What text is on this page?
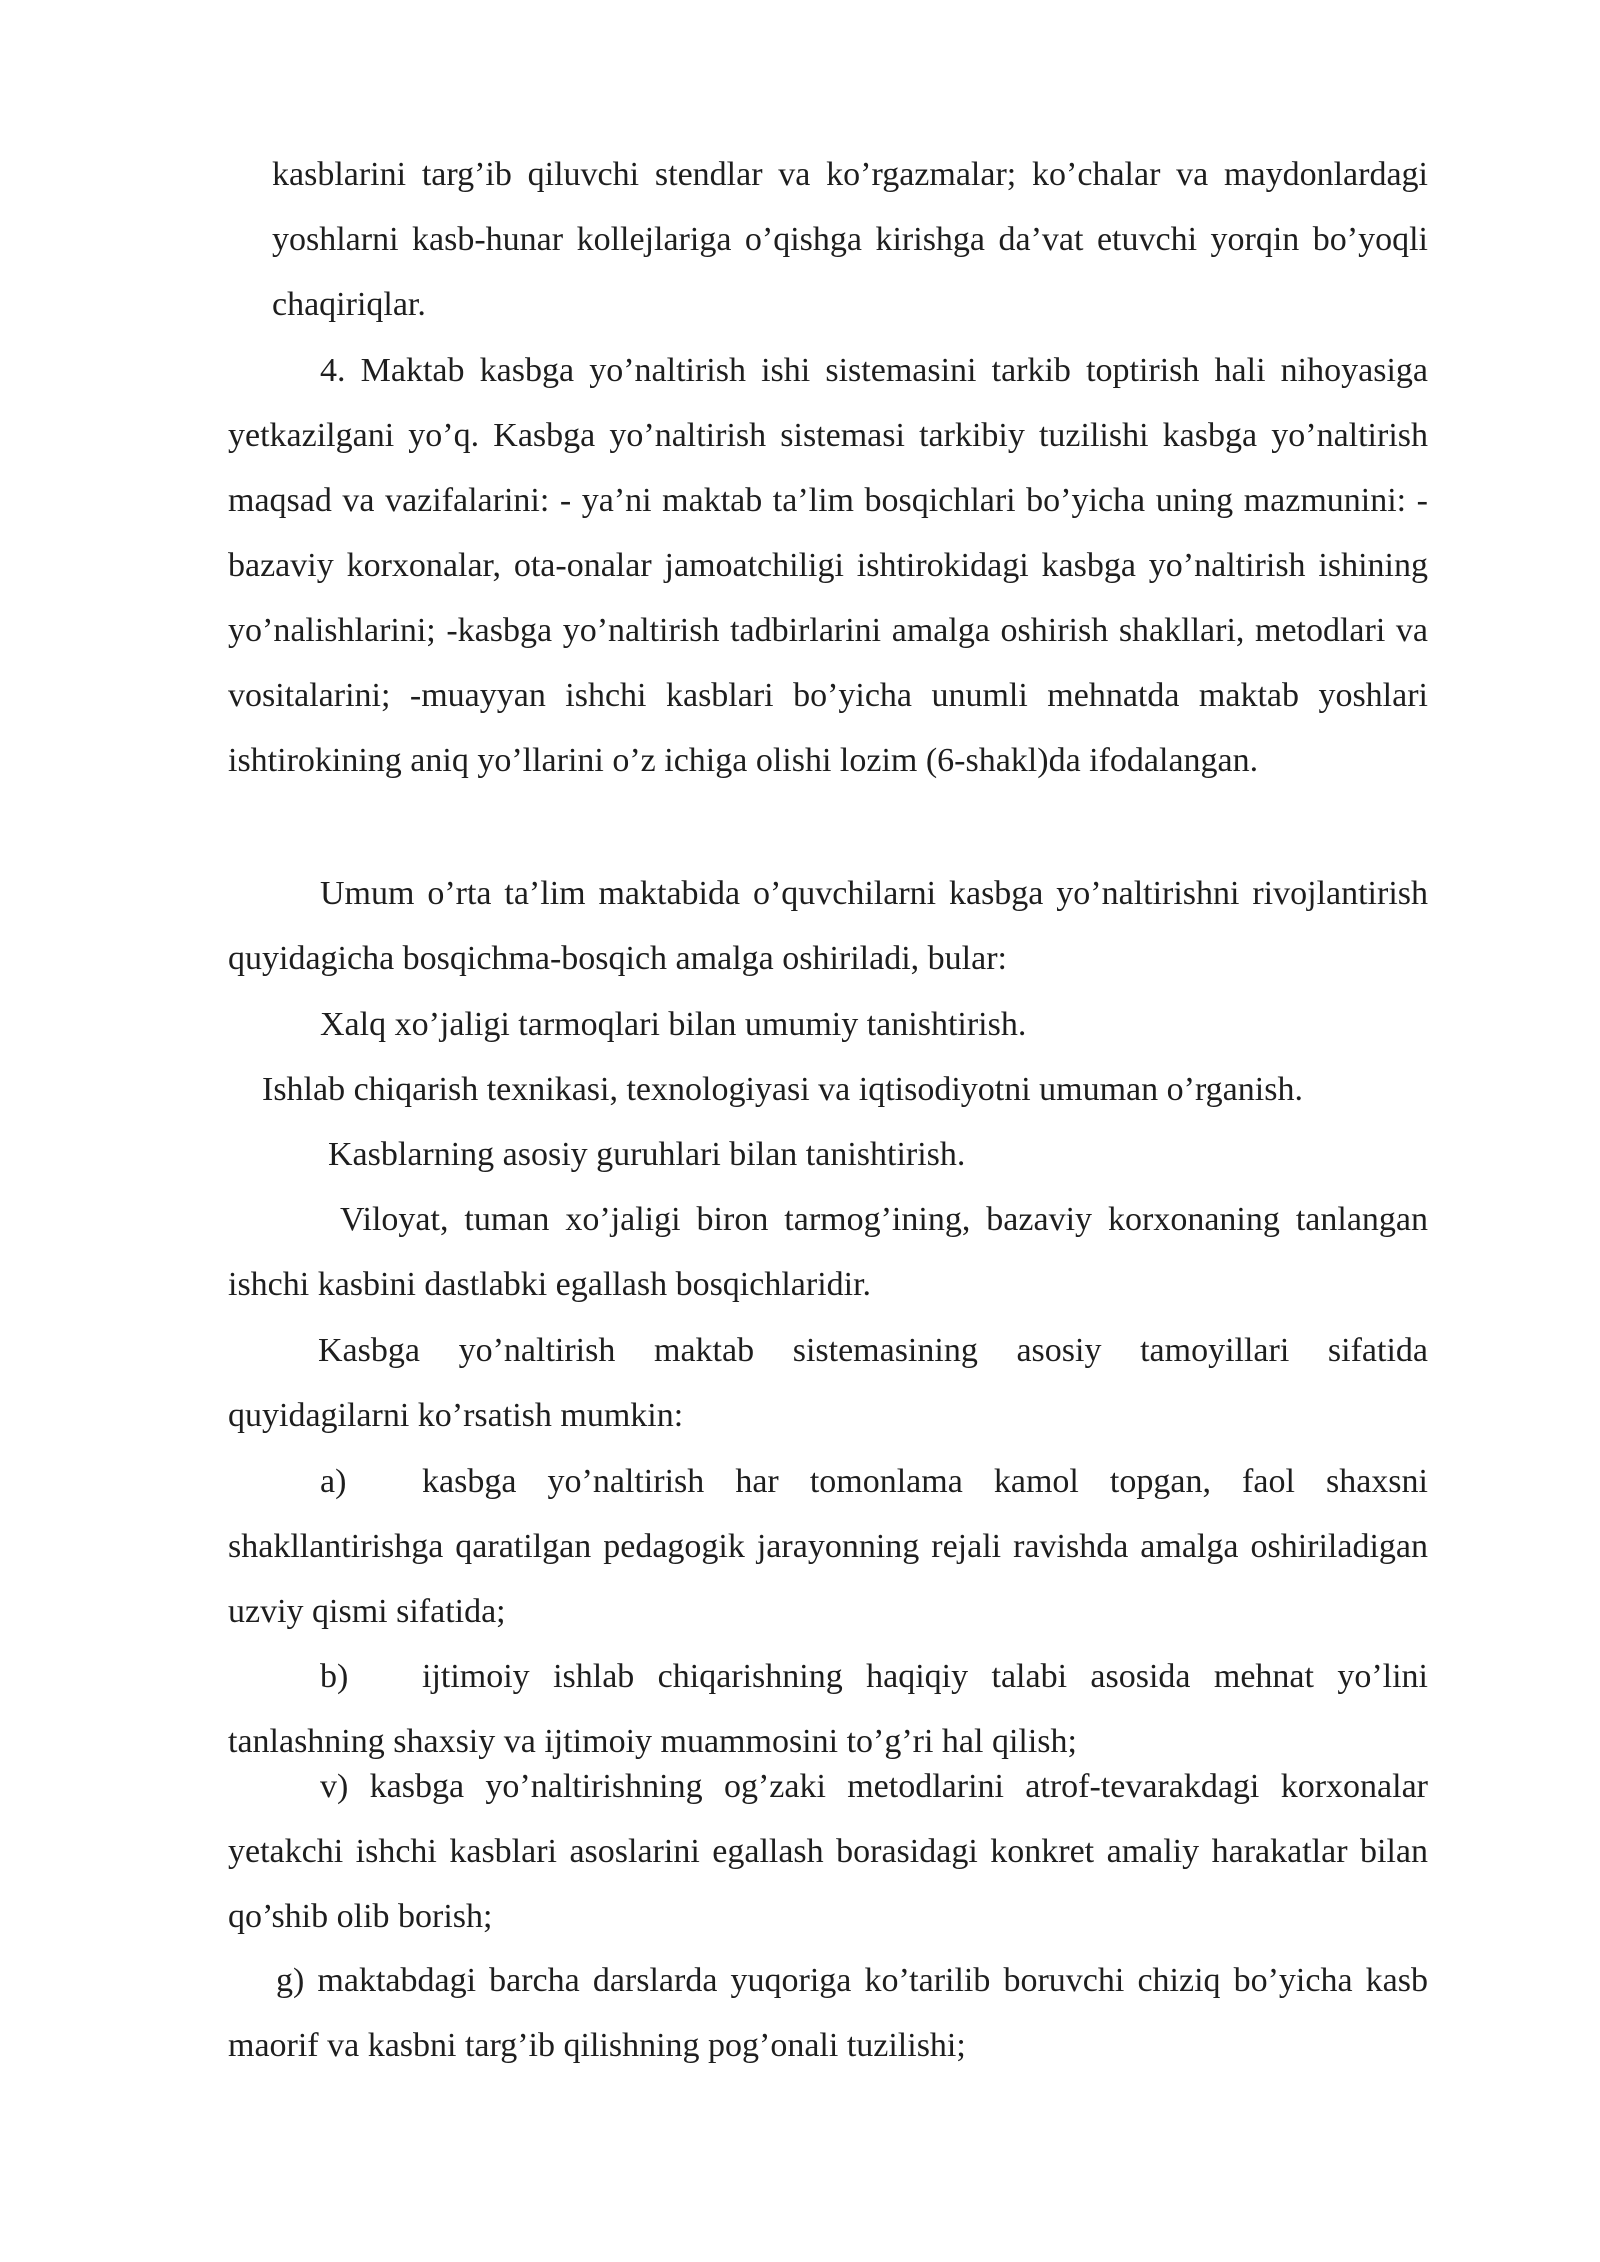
kasblarini targ’ib qiluvchi stendlar va ko’rgazmalar; ko’chalar va maydonlardagi yoshlarni kasb-hunar kollejlariga o’qishga kirishga da’vat etuvchi yorqin bo’yoqli chaqiriqlar.

4. Maktab kasbga yo’naltirish ishi sistemasini tarkib toptirish hali nihoyasiga yetkazilgani yo’q. Kasbga yo’naltirish sistemasi tarkibiy tuzilishi kasbga yo’naltirish maqsad va vazifalarini: - ya’ni maktab ta’lim bosqichlari bo’yicha uning mazmunini: -bazaviy korxonalar, ota-onalar jamoatchiligi ishtirokidagi kasbga yo’naltirish ishining yo’nalishlarini; -kasbga yo’naltirish tadbirlarini amalga oshirish shakllari, metodlari va vositalarini; -muayyan ishchi kasblari bo’yicha unumli mehnatda maktab yoshlari ishtirokining aniq yo’llarini o’z ichiga olishi lozim (6-shakl)da ifodalangan.

Umum o’rta ta’lim maktabida o’quvchilarni kasbga yo’naltirishni rivojlantirish quyidagicha bosqichma-bosqich amalga oshiriladi, bular:

Xalq xo’jaligi tarmoqlari bilan umumiy tanishtirish.

Ishlab chiqarish texnikasi, texnologiyasi va iqtisodiyotni umuman o’rganish.

Kasblarning asosiy guruhlari bilan tanishtirish.

Viloyat, tuman xo’jaligi biron tarmog’ining, bazaviy korxonaning tanlangan ishchi kasbini dastlabki egallash bosqichlaridir.

Kasbga yo’naltirish maktab sistemasining asosiy tamoyillari sifatida quyidagilarni ko’rsatish mumkin:

a) kasbga yo’naltirish har tomonlama kamol topgan, faol shaxsni shakllantirishga qaratilgan pedagogik jarayonning rejali ravishda amalga oshiriladigan uzviy qismi sifatida;

b) ijtimoiy ishlab chiqarishning haqiqiy talabi asosida mehnat yo’lini tanlashning shaxsiy va ijtimoiy muammosini to’g’ri hal qilish;

v) kasbga yo’naltirishning og’zaki metodlarini atrof-tevarakdagi korxonalar yetakchi ishchi kasblari asoslarini egallash borasidagi konkret amaliy harakatlar bilan qo’shib olib borish;

g) maktabdagi barcha darslarda yuqoriga ko’tarilib boruvchi chiziq bo’yicha kasb maorif va kasbni targ’ib qilishning pog’onali tuzilishi;
